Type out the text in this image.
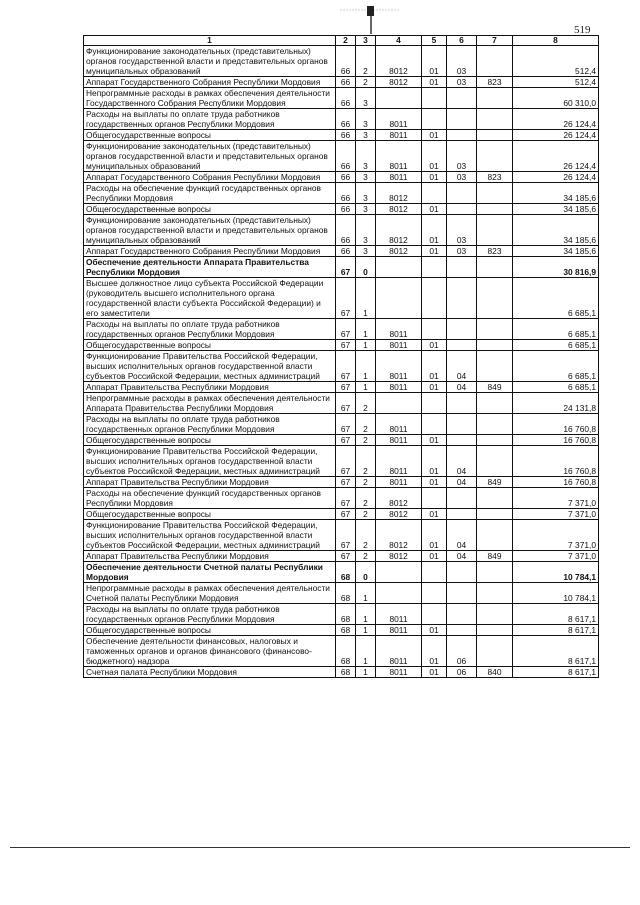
519
1	2	3	4	5	6	7	8
Функционирование законодательных (представительных) органов государственной власти и представительных органов муниципальных образований	66	2	8012	01	03		512,4
Аппарат Государственного Собрания Республики Мордовия	66	2	8012	01	03	823	512,4
Непрограммные расходы в рамках обеспечения деятельности Государственного Собрания Республики Мордовия	66	3					60 310,0
Расходы на выплаты по оплате труда работников государственных органов Республики Мордовия	66	3	8011				26 124,4
Общегосударственные вопросы	66	3	8011	01			26 124,4
Функционирование законодательных (представительных) органов государственной власти и представительных органов муниципальных образований	66	3	8011	01	03		26 124,4
Аппарат Государственного Собрания Республики Мордовия	66	3	8011	01	03	823	26 124,4
Расходы на обеспечение функций государственных органов Республики Мордовия	66	3	8012				34 185,6
Общегосударственные вопросы	66	3	8012	01			34 185,6
Функционирование законодательных (представительных) органов государственной власти и представительных органов муниципальных образований	66	3	8012	01	03		34 185,6
Аппарат Государственного Собрания Республики Мордовия	66	3	8012	01	03	823	34 185,6
Обеспечение деятельности Аппарата Правительства Республики Мордовия	67	0					30 816,9
Высшее должностное лицо субъекта Российской Федерации (руководитель высшего исполнительного органа государственной власти субъекта Российской Федерации) и его заместители	67	1					6 685,1
Расходы на выплаты по оплате труда работников государственных органов Республики Мордовия	67	1	8011				6 685,1
Общегосударственные вопросы	67	1	8011	01			6 685,1
Функционирование Правительства Российской Федерации, высших исполнительных органов государственной власти субъектов Российской Федерации, местных администраций	67	1	8011	01	04		6 685,1
Аппарат Правительства Республики Мордовия	67	1	8011	01	04	849	6 685,1
Непрограммные расходы в рамках обеспечения деятельности Аппарата Правительства Республики Мордовия	67	2					24 131,8
Расходы на выплаты по оплате труда работников государственных органов Республики Мордовия	67	2	8011				16 760,8
Общегосударственные вопросы	67	2	8011	01			16 760,8
Функционирование Правительства Российской Федерации, высших исполнительных органов государственной власти субъектов Российской Федерации, местных администраций	67	2	8011	01	04		16 760,8
Аппарат Правительства Республики Мордовия	67	2	8011	01	04	849	16 760,8
Расходы на обеспечение функций государственных органов Республики Мордовия	67	2	8012				7 371,0
Общегосударственные вопросы	67	2	8012	01			7 371,0
Функционирование Правительства Российской Федерации, высших исполнительных органов государственной власти субъектов Российской Федерации, местных администраций	67	2	8012	01	04		7 371,0
Аппарат Правительства Республики Мордовия	67	2	8012	01	04	849	7 371,0
Обеспечение деятельности Счетной палаты Республики Мордовия	68	0					10 784,1
Непрограммные расходы в рамках обеспечения деятельности Счетной палаты Республики Мордовия	68	1					10 784,1
Расходы на выплаты по оплате труда работников государственных органов Республики Мордовия	68	1	8011				8 617,1
Общегосударственные вопросы	68	1	8011	01			8 617,1
Обеспечение деятельности финансовых, налоговых и таможенных органов и органов финансового (финансово-бюджетного) надзора	68	1	8011	01	06		8 617,1
Счетная палата Республики Мордовия	68	1	8011	01	06	840	8 617,1
